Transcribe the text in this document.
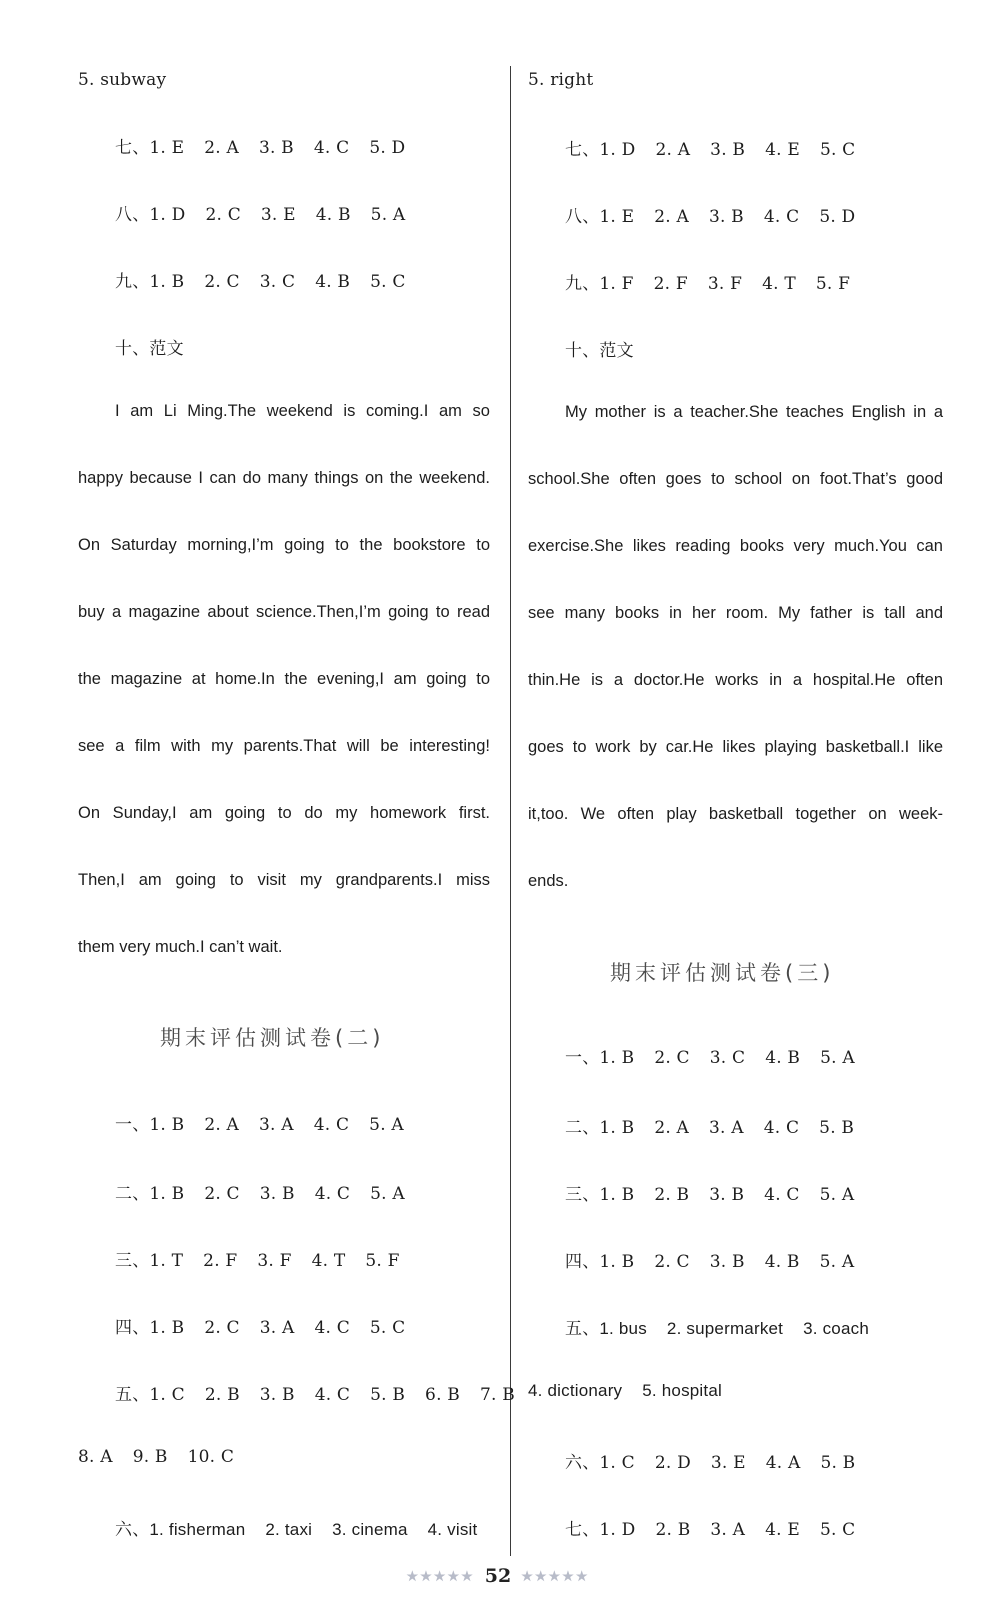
5. subway
七、1. E 2. A 3. B 4. C 5. D
八、1. D 2. C 3. E 4. B 5. A
九、1. B 2. C 3. C 4. B 5. C
十、范文
I am Li Ming.The weekend is coming.I am so
happy because I can do many things on the weekend.
On Saturday morning,I’m going to the bookstore to
buy a magazine about science.Then,I’m going to read
the magazine at home.In the evening,I am going to
see a film with my parents.That will be interesting!
On Sunday,I am going to do my homework first.
Then,I am going to visit my grandparents.I miss
them very much.I can’t wait.
期末评估测试卷(二)
一、1. B 2. A 3. A 4. C 5. A
二、1. B 2. C 3. B 4. C 5. A
三、1. T 2. F 3. F 4. T 5. F
四、1. B 2. C 3. A 4. C 5. C
五、1. C 2. B 3. B 4. C 5. B 6. B 7. B
8. A 9. B 10. C
六、1. fisherman 2. taxi 3. cinema 4. visit
5. right
七、1. D 2. A 3. B 4. E 5. C
八、1. E 2. A 3. B 4. C 5. D
九、1. F 2. F 3. F 4. T 5. F
十、范文
My mother is a teacher.She teaches English in a
school.She often goes to school on foot.That’s good
exercise.She likes reading books very much.You can
see many books in her room. My father is tall and
thin.He is a doctor.He works in a hospital.He often
goes to work by car.He likes playing basketball.I like
it,too. We often play basketball together on week-
ends.
期末评估测试卷(三)
一、1. B 2. C 3. C 4. B 5. A
二、1. B 2. A 3. A 4. C 5. B
三、1. B 2. B 3. B 4. C 5. A
四、1. B 2. C 3. B 4. B 5. A
五、1. bus 2. supermarket 3. coach
4. dictionary 5. hospital
六、1. C 2. D 3. E 4. A 5. B
七、1. D 2. B 3. A 4. E 5. C
★★★★★ 52 ★★★★★
